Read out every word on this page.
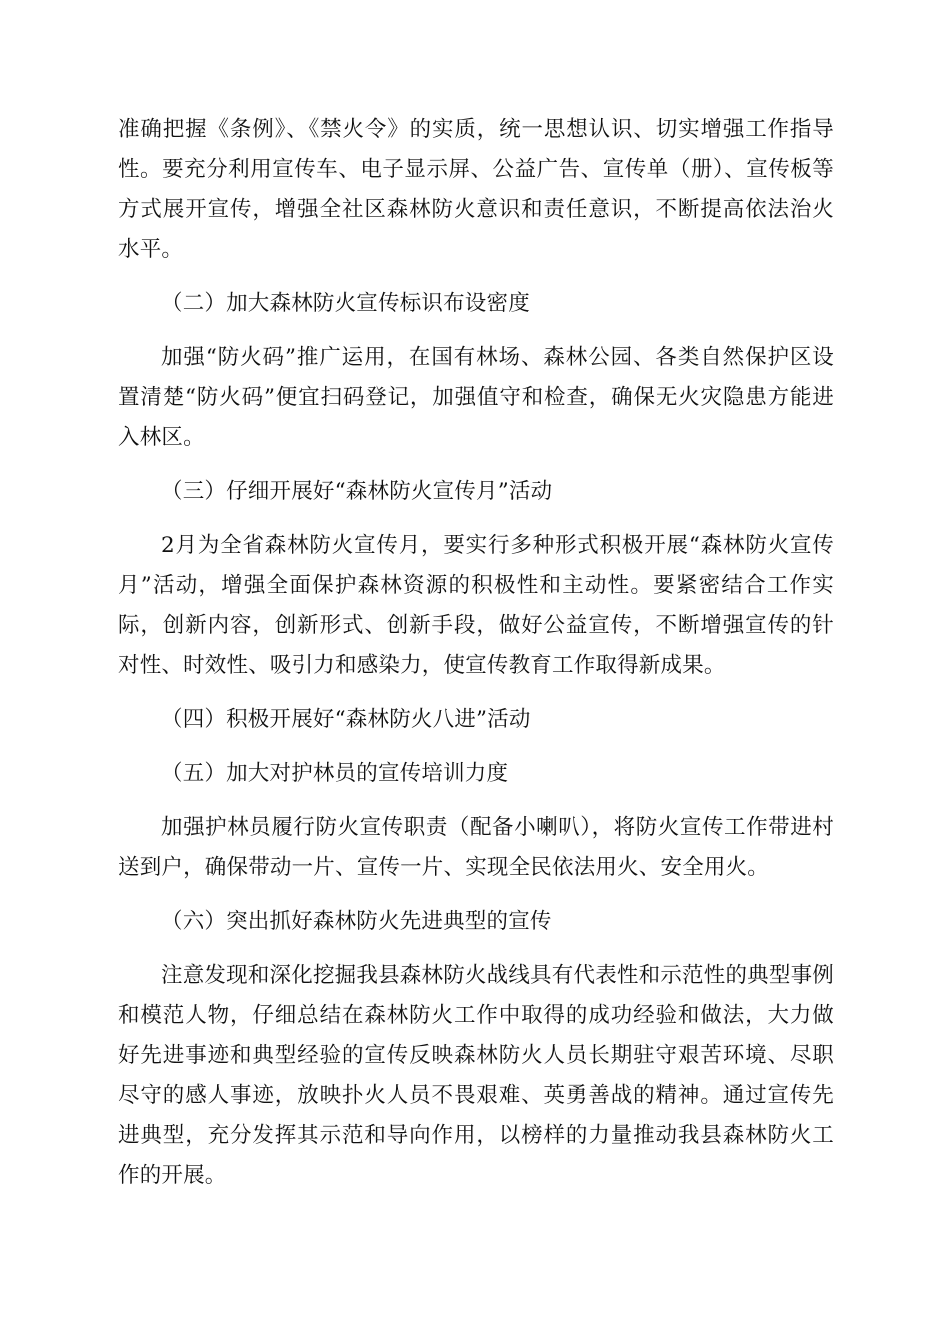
准确把握《条例》、《禁火令》的实质，统一思想认识、切实增强工作指导性。要充分利用宣传车、电子显示屏、公益广告、宣传单（册）、宣传板等方式展开宣传，增强全社区森林防火意识和责任意识，不断提高依法治火水平。

（二）加大森林防火宣传标识布设密度

加强“防火码”推广运用，在国有林场、森林公园、各类自然保护区设置清楚“防火码”便宜扫码登记，加强值守和检查，确保无火灾隐患方能进入林区。

（三）仔细开展好“森林防火宣传月”活动

2月为全省森林防火宣传月，要实行多种形式积极开展“森林防火宣传月”活动，增强全面保护森林资源的积极性和主动性。要紧密结合工作实际，创新内容，创新形式、创新手段，做好公益宣传，不断增强宣传的针对性、时效性、吸引力和感染力，使宣传教育工作取得新成果。

（四）积极开展好“森林防火八进”活动

（五）加大对护林员的宣传培训力度

加强护林员履行防火宣传职责（配备小喇叭），将防火宣传工作带进村送到户，确保带动一片、宣传一片、实现全民依法用火、安全用火。

（六）突出抓好森林防火先进典型的宣传

注意发现和深化挖掘我县森林防火战线具有代表性和示范性的典型事例和模范人物，仔细总结在森林防火工作中取得的成功经验和做法，大力做好先进事迹和典型经验的宣传反映森林防火人员长期驻守艰苦环境、尽职尽守的感人事迹，放映扑火人员不畏艰难、英勇善战的精神。通过宣传先进典型，充分发挥其示范和导向作用，以榜样的力量推动我县森林防火工作的开展。
